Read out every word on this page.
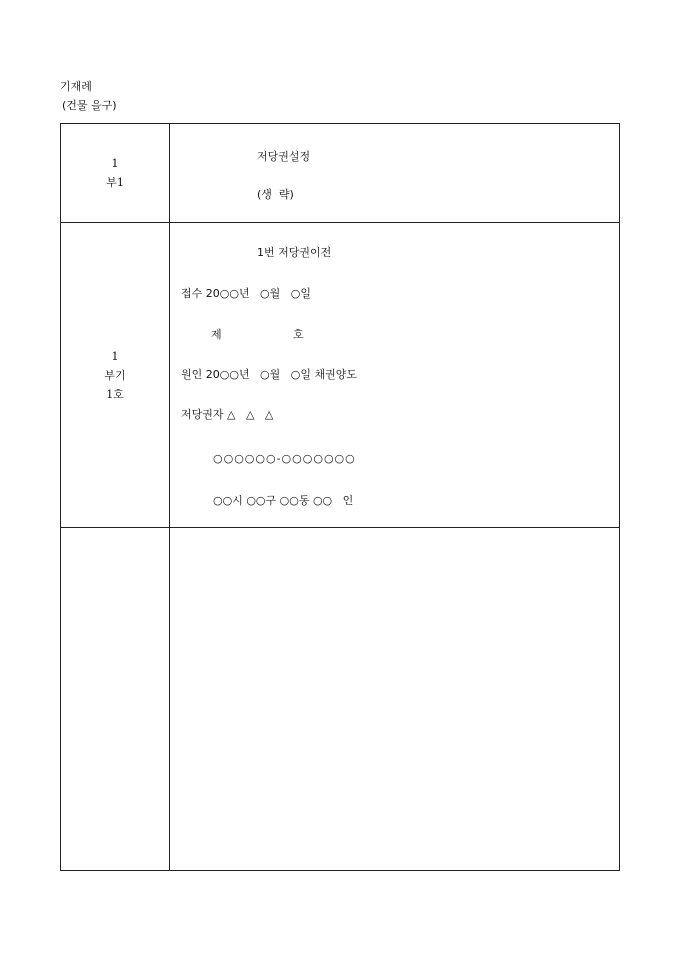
기재례
(건물 을구)
1
부1
저당권설정
(생  략)
1
부기
1호
1번 저당권이전
접수 20○○년   ○월   ○일
제	호
원인 20○○년   ○월   ○일 채권양도
저당권자 △   △   △
○○○○○○-○○○○○○○
○○시 ○○구 ○○동 ○○   인
